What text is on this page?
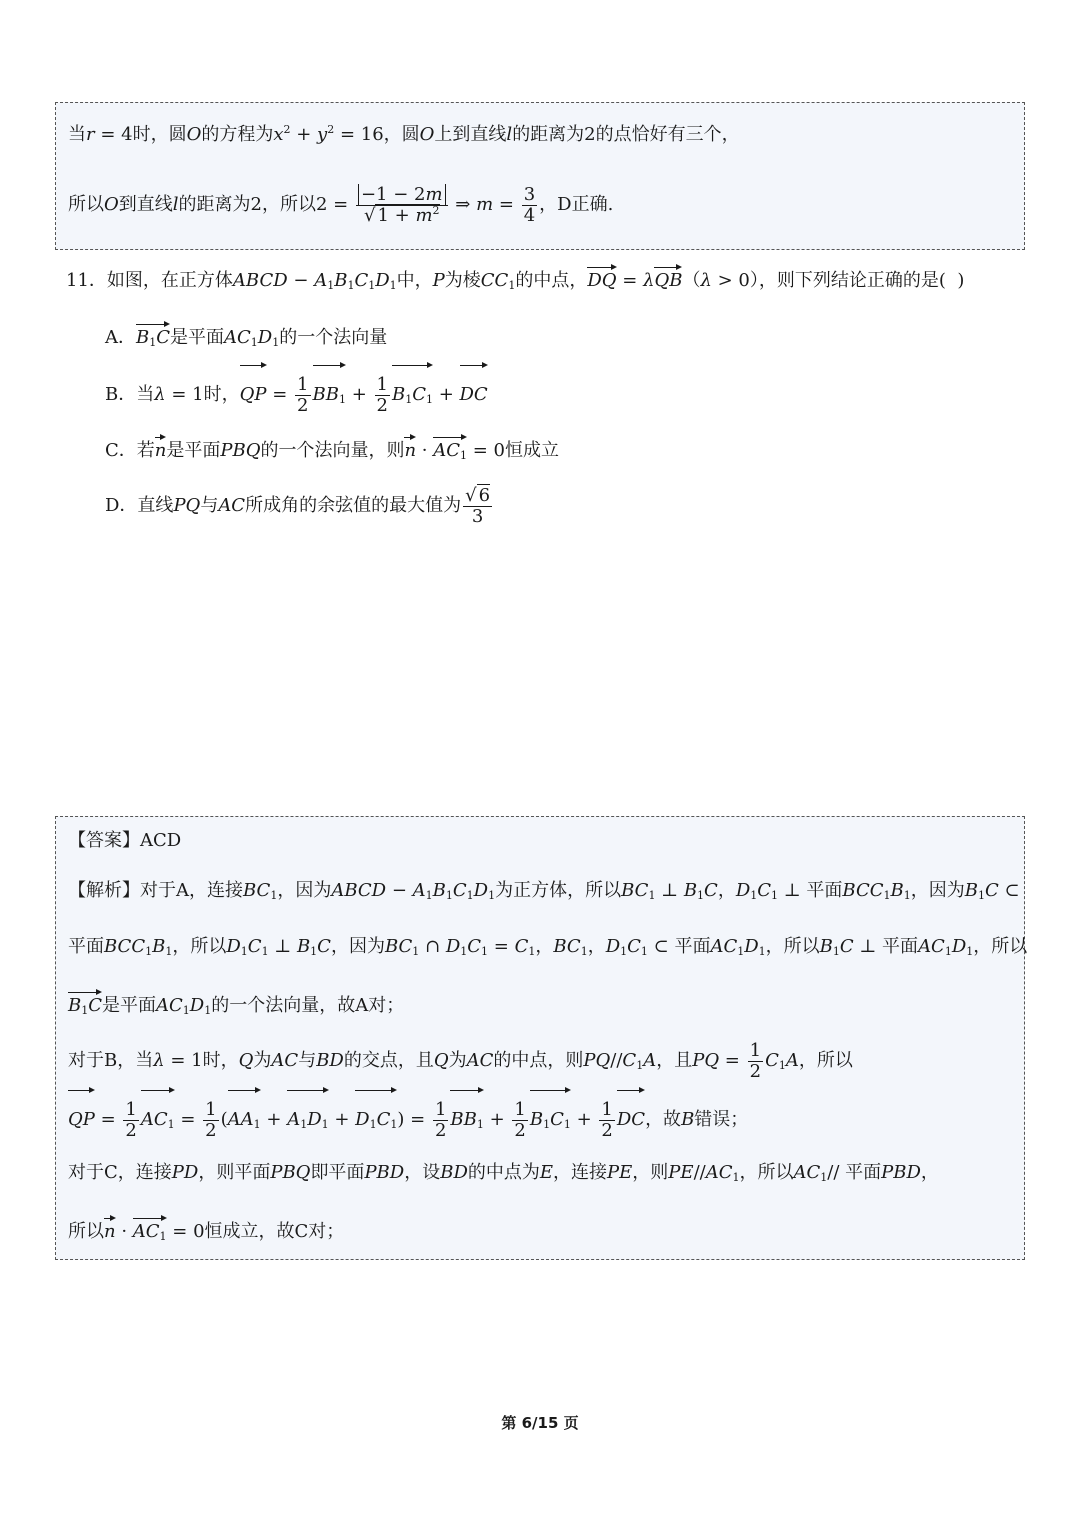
当r = 4时，圆O的方程为$x^2 + y^2 = 16$，圆O上到直线l的距离为2的点恰好有三个，
所以O到直线l的距离为2，所以$2 = \frac{-1 - 2m}{√ 1 + m^2}$ ⇒ $m = \frac{3}{4}$ ，D正确.
11．如图，在正方体ABCD − $A_1B_1C_1D_1$中，P为棱$CC_1$的中点，DQ = λQB（λ > 0），则下列结论正确的是(  )
A．$B_1C$是平面$AC_1D_1$的一个法向量
B．当λ = 1时，QP = $\frac{1}{2} BB_1 + \frac{1}{2} B_1C_1$ + DC
C．若n是平面PBQ的一个法向量，则$n \cdot AC_1 = 0$恒成立
D．直线PQ与AC所成角的余弦值的最大值为 $\frac{√ 6}{3}$
【答案】ACD
【解析】对于A，连接$BC_1$，因为ABCD − $A_1B_1C_1D_1$为正方体，所以$BC_1$ ⊥ $B_1C$，$D_1C_1$ ⊥ 平面$BCC_1B_1$，因为$B_1C$ ⊂
平面$BCC_1B_1$，所以$D_1C_1$ ⊥ $B_1C$，因为$BC_1$ ∩ $D_1C_1 = C_1$，$BC_1$，$D_1C_1$ ⊂ 平面$AC_1D_1$，所以$B_1C$ ⊥ 平面$AC_1D_1$，所以
$B_1C$是平面$AC_1D_1$的一个法向量，故A对；
对于B，当λ = 1时，Q为AC与BD的交点，且Q为AC的中点，则$PQ//C_1A$，且PQ = $\frac{1}{2} C_1A$，所以
QP = $\frac{1}{2} AC_1 = \frac{1}{2} (AA_1 + A_1D_1 + D_1C_1) = \frac{1}{2} BB_1 + \frac{1}{2} B_1C_1 + \frac{1}{2}$ DC，故B错误；
对于C，连接PD，则平面PBQ即平面PBD，设BD的中点为E，连接PE，则$PE//AC_1$，所以$AC_1//$ 平面PBD，
所以$n \cdot AC_1 = 0$恒成立，故C对；
第 6/15 页
